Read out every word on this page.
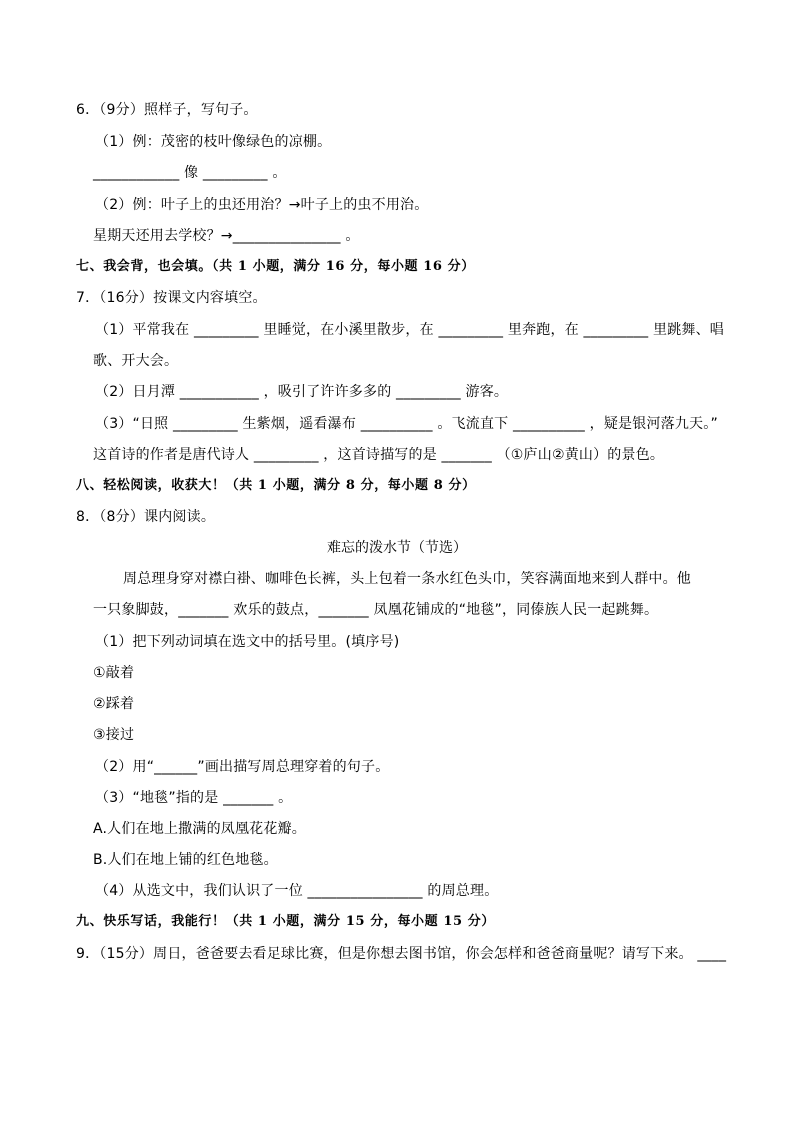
6．（9分）照样子，写句子。
（1）例：茂密的枝叶像绿色的凉棚。
____________ 像 _________ 。
（2）例：叶子上的虫还用治？→叶子上的虫不用治。
星期天还用去学校？→_______________ 。
七、我会背，也会填。（共 1 小题，满分 16 分，每小题 16 分）
7．（16分）按课文内容填空。
（1）平常我在 _________ 里睡觉，在小溪里散步，在 _________ 里奔跑，在 _________ 里跳舞、唱
歌、开大会。
（2）日月潭 ___________ ，吸引了许许多多的 _________ 游客。
（3）“日照 _________ 生紫烟，遥看瀑布 __________ 。飞流直下 __________ ，疑是银河落九天。”
这首诗的作者是唐代诗人 _________ ，这首诗描写的是 _______ （①庐山②黄山）的景色。
八、轻松阅读，收获大！（共 1 小题，满分 8 分，每小题 8 分）
8．（8分）课内阅读。
难忘的泼水节（节选）
周总理身穿对襟白褂、咖啡色长裤，头上包着一条水红色头巾，笑容满面地来到人群中。他
一只象脚鼓，_______ 欢乐的鼓点，_______ 凤凰花铺成的“地毯”，同傣族人民一起跳舞。
（1）把下列动词填在选文中的括号里。(填序号)
①敲着
②踩着
③接过
（2）用“______”画出描写周总理穿着的句子。
（3）“地毯”指的是 _______ 。
A.人们在地上撒满的凤凰花花瓣。
B.人们在地上铺的红色地毯。
（4）从选文中，我们认识了一位 ________________ 的周总理。
九、快乐写话，我能行！（共 1 小题，满分 15 分，每小题 15 分）
9．（15分）周日，爸爸要去看足球比赛，但是你想去图书馆，你会怎样和爸爸商量呢？请写下来。 ____
